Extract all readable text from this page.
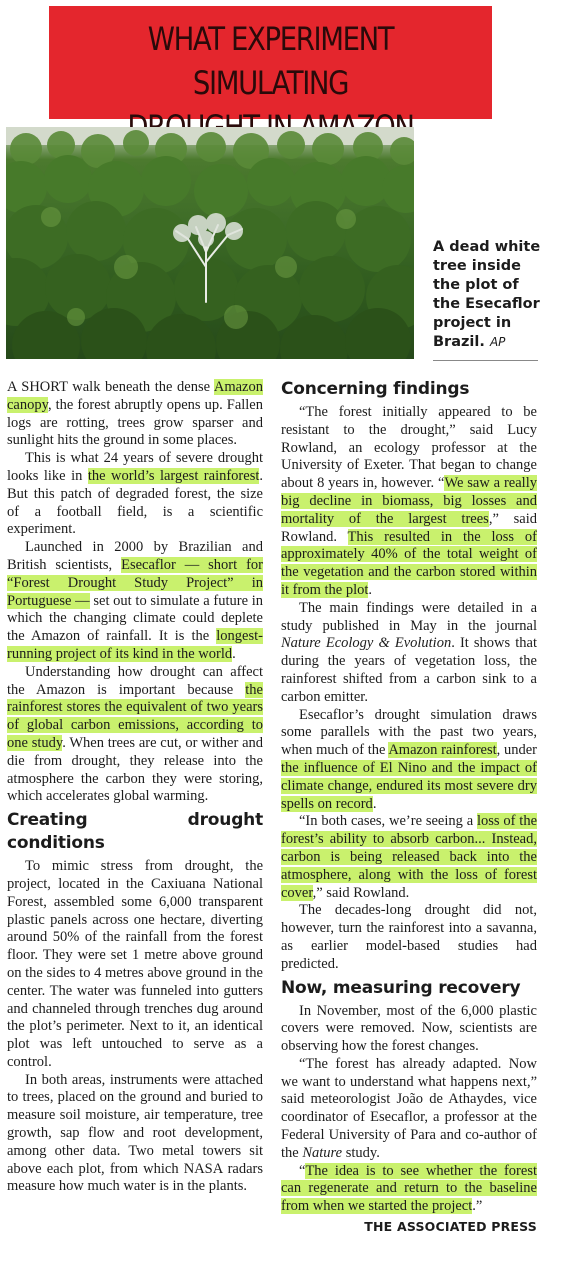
WHAT EXPERIMENT SIMULATING

A dead white tree inside the plot of the Esecaflor project in Brazil. AP

A SHORT walk beneath the dense Amazon canopy, the forest abruptly opens up. Fallen logs are rotting, trees grow sparser and sunlight hits the ground in some places.

This is what 24 years of severe drought looks like in the world’s largest rainforest. But this patch of degraded forest, the size of a football field, is a scientific experiment.

Launched in 2000 by Brazilian and British scientists, Esecaflor — short for “Forest Drought Study Project” in Portuguese — set out to simulate a future in which the changing climate could deplete the Amazon of rainfall. It is the longest-running project of its kind in the world.

Understanding how drought can affect the Amazon is important because the rainforest stores the equivalent of two years of global carbon emissions, according to one study. When trees are cut, or wither and die from drought, they release into the atmosphere the carbon they were storing, which accelerates global warming.

Creating drought conditions

To mimic stress from drought, the project, located in the Caxiuana National Forest, assembled some 6,000 transparent plastic panels across one hectare, diverting around 50% of the rainfall from the forest floor. They were set 1 metre above ground on the sides to 4 metres above ground in the center. The water was funneled into gutters and channeled through trenches dug around the plot’s perimeter. Next to it, an identical plot was left untouched to serve as a control.

In both areas, instruments were attached to trees, placed on the ground and buried to measure soil moisture, air temperature, tree growth, sap flow and root development, among other data. Two metal towers sit above each plot, from which NASA radars measure how much water is in the plants.

Concerning findings

“The forest initially appeared to be resistant to the drought,” said Lucy Rowland, an ecology professor at the University of Exeter. That began to change about 8 years in, however. “We saw a really big decline in biomass, big losses and mortality of the largest trees,” said Rowland. This resulted in the loss of approximately 40% of the total weight of the vegetation and the carbon stored within it from the plot.

The main findings were detailed in a study published in May in the journal Nature Ecology & Evolution. It shows that during the years of vegetation loss, the rainforest shifted from a carbon sink to a carbon emitter.

Esecaflor’s drought simulation draws some parallels with the past two years, when much of the Amazon rainforest, under the influence of El Nino and the impact of climate change, endured its most severe dry spells on record.

“In both cases, we’re seeing a loss of the forest’s ability to absorb carbon... Instead, carbon is being released back into the atmosphere, along with the loss of forest cover,” said Rowland.

The decades-long drought did not, however, turn the rainforest into a savanna, as earlier model-based studies had predicted.

Now, measuring recovery

In November, most of the 6,000 plastic covers were removed. Now, scientists are observing how the forest changes.

“The forest has already adapted. Now we want to understand what happens next,” said meteorologist João de Athaydes, vice coordinator of Esecaflor, a professor at the Federal University of Para and co-author of the Nature study.

“The idea is to see whether the forest can regenerate and return to the baseline from when we started the project.”

THE ASSOCIATED PRESS
